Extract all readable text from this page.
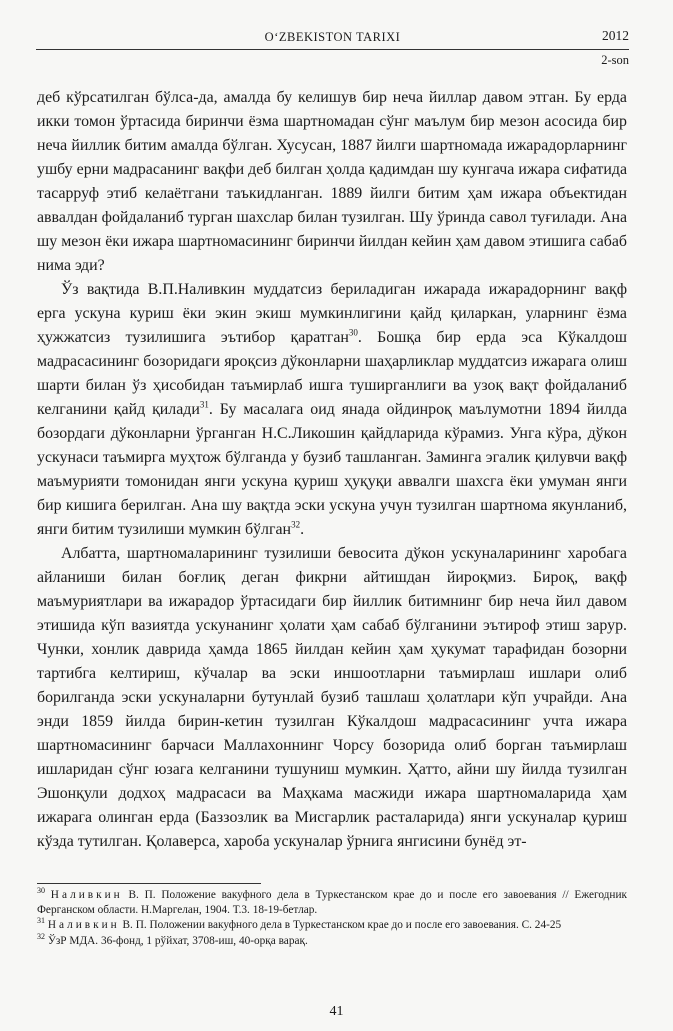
O‘ZBEKISTON TARIXI	2012
2-son

деб кўрсатилган бўлса-да, амалда бу келишув бир неча йиллар давом этган. Бу ерда икки томон ўртасида биринчи ёзма шартномадан сўнг маълум бир мезон асосида бир неча йиллик битим амалда бўлган. Хусусан, 1887 йилги шартномада ижарадорларнинг ушбу ерни мадрасанинг вақфи деб билган ҳолда қадимдан шу кунгача ижара сифатида тасарруф этиб келаётгани таъкидланган. 1889 йилги битим ҳам ижара объектидан аввалдан фойдаланиб турган шахслар билан тузилган. Шу ўринда савол туғилади. Ана шу мезон ёки ижара шартномасининг биринчи йилдан кейин ҳам давом этишига сабаб нима эди?

Ўз вақтида В.П.Наливкин муддатсиз бериладиган ижарада ижарадорнинг вақф ерга ускуна куриш ёки экин экиш мумкинлигини қайд қиларкан, уларнинг ёзма ҳужжатсиз тузилишига эътибор қаратган$^{30}$. Бошқа бир ерда эса Кўкалдош мадрасасининг бозоридаги яроқсиз дўконларни шаҳарликлар муддатсиз ижарага олиш шарти билан ўз ҳисобидан таъмирлаб ишга туширганлиги ва узоқ вақт фойдаланиб келганини қайд қилади$^{31}$. Бу масалага оид янада ойдинроқ маълумотни 1894 йилда бозордаги дўконларни ўрганган Н.С.Ликошин қайдларида кўрамиз. Унга кўра, дўкон ускунаси таъмирга муҳтож бўлганда у бузиб ташланган. Заминга эгалик қилувчи вақф маъмурияти томонидан янги ускуна қуриш ҳуқуқи аввалги шахсга ёки умуман янги бир кишига берилган. Ана шу вақтда эски ускуна учун тузилган шартнома якунланиб, янги битим тузилиши мумкин бўлган$^{32}$.

Албатта, шартномаларининг тузилиши бевосита дўкон ускуналарининг харобага айланиши билан боғлиқ деган фикрни айтишдан йироқмиз. Бироқ, вақф маъмуриятлари ва ижарадор ўртасидаги бир йиллик битимнинг бир неча йил давом этишида кўп вазиятда ускунанинг ҳолати ҳам сабаб бўлганини эътироф этиш зарур. Чунки, хонлик даврида ҳамда 1865 йилдан кейин ҳам ҳукумат тарафидан бозорни тартибга келтириш, кўчалар ва эски иншоотларни таъмирлаш ишлари олиб борилганда эски ускуналарни бутунлай бузиб ташлаш ҳолатлари кўп учрайди. Ана энди 1859 йилда бирин-кетин тузилган Кўкалдош мадрасасининг учта ижара шартномасининг барчаси Маллахоннинг Чорсу бозорида олиб борган таъмирлаш ишларидан сўнг юзага келганини тушуниш мумкин. Ҳатто, айни шу йилда тузилган Эшонқули додхоҳ мадрасаси ва Маҳкама масжиди ижара шартномаларида ҳам ижарага олинган ерда (Баззозлик ва Мисгарлик расталарида) янги ускуналар қуриш кўзда тутилган. Қолаверса, хароба ускуналар ўрнига янгисини бунёд эт-

$^{30}$ Наливкин В. П. Положение вакуфного дела в Туркестанском крае до и после его завоевания // Ежегодник Ферганском области. Н.Маргелан, 1904. Т.3. 18-19-бетлар.

$^{31}$ Наливкин В. П. Положении вакуфного дела в Туркестанском крае до и после его завоевания. С. 24-25

$^{32}$ ЎзР МДА. 36-фонд, 1 рўйхат, 3708-иш, 40-орқа варақ.

41
